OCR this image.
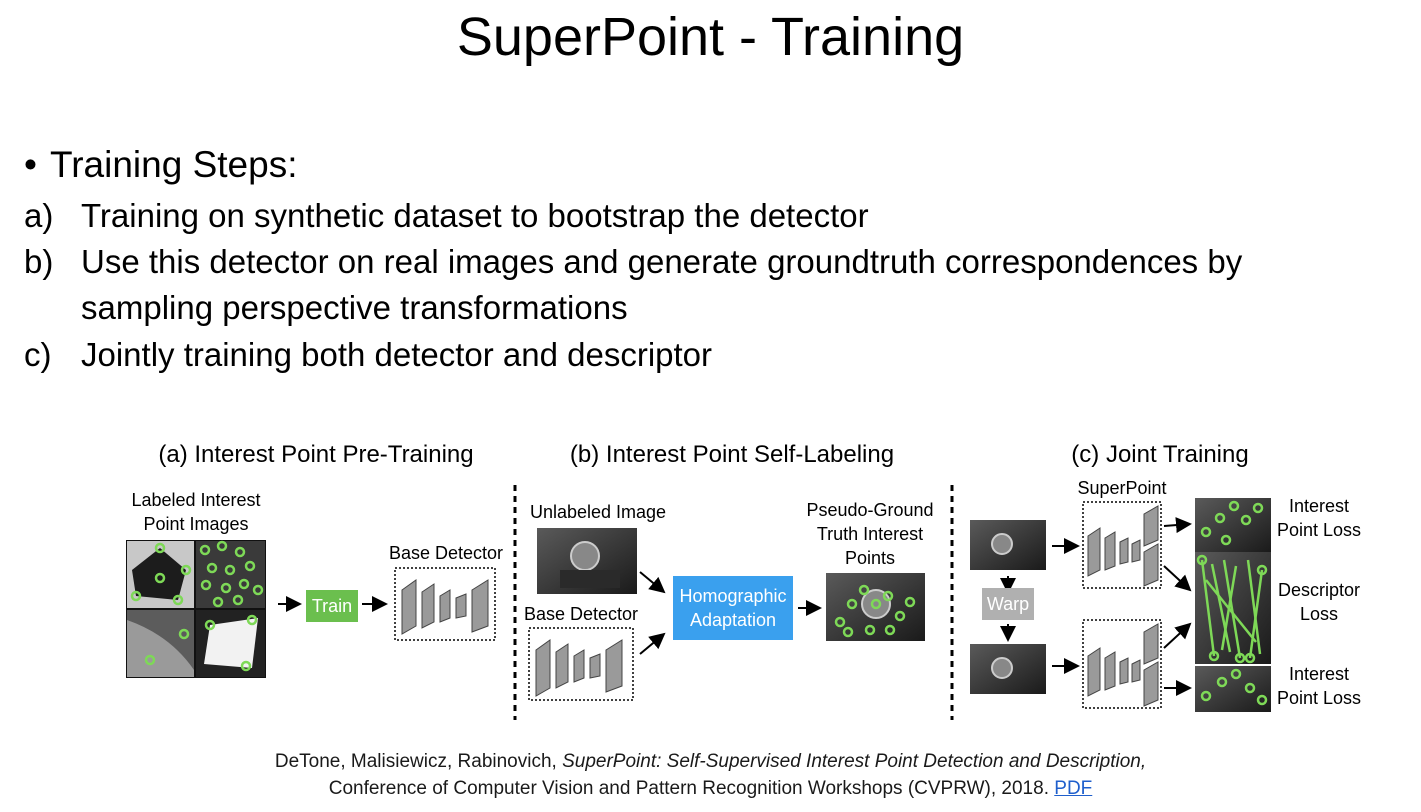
SuperPoint - Training
• Training Steps:
a) Training on synthetic dataset to bootstrap the detector
b) Use this detector on real images and generate groundtruth correspondences by
sampling perspective transformations
c) Jointly training both detector and descriptor
(a) Interest Point Pre-Training	(b) Interest Point Self-Labeling	(c) Joint Training
Labeled Interest
Point Images
Train
Base Detector
Unlabeled Image
Base Detector
Homographic
Adaptation
Pseudo-Ground
Truth Interest
Points
SuperPoint
Warp
Interest
Point Loss
Descriptor
Loss
Interest
Point Loss
DeTone, Malisiewicz, Rabinovich, SuperPoint: Self-Supervised Interest Point Detection and Description,
Conference of Computer Vision and Pattern Recognition Workshops (CVPRW), 2018. PDF
